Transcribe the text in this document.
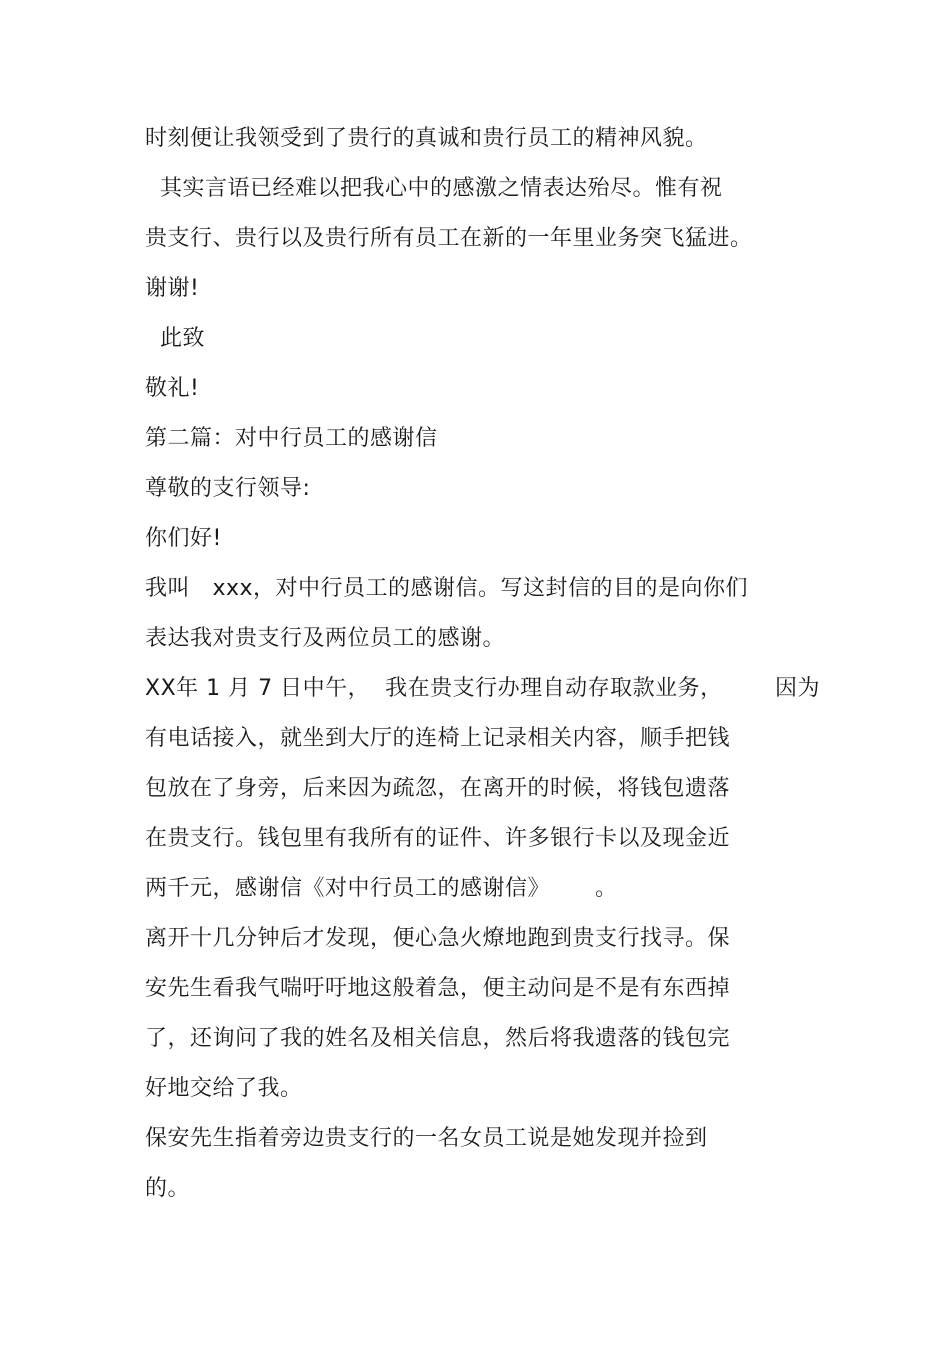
时刻便让我领受到了贵行的真诚和贵行员工的精神风貌。

其实言语已经难以把我心中的感激之情表达殆尽。惟有祝

贵支行、贵行以及贵行所有员工在新的一年里业务突飞猛进。

谢谢!

此致

敬礼!

第二篇：对中行员工的感谢信

尊敬的支行领导:

你们好!

我叫   xxx，对中行员工的感谢信。写这封信的目的是向你们

表达我对贵支行及两位员工的感谢。

XX年 1 月 7 日中午，  我在贵支行办理自动存取款业务，       因为

有电话接入，就坐到大厅的连椅上记录相关内容，顺手把钱

包放在了身旁，后来因为疏忽，在离开的时候，将钱包遗落

在贵支行。钱包里有我所有的证件、许多银行卡以及现金近

两千元，感谢信《对中行员工的感谢信》      。

离开十几分钟后才发现，便心急火燎地跑到贵支行找寻。保

安先生看我气喘吁吁地这般着急，便主动问是不是有东西掉

了，还询问了我的姓名及相关信息，然后将我遗落的钱包完

好地交给了我。

保安先生指着旁边贵支行的一名女员工说是她发现并捡到

的。
